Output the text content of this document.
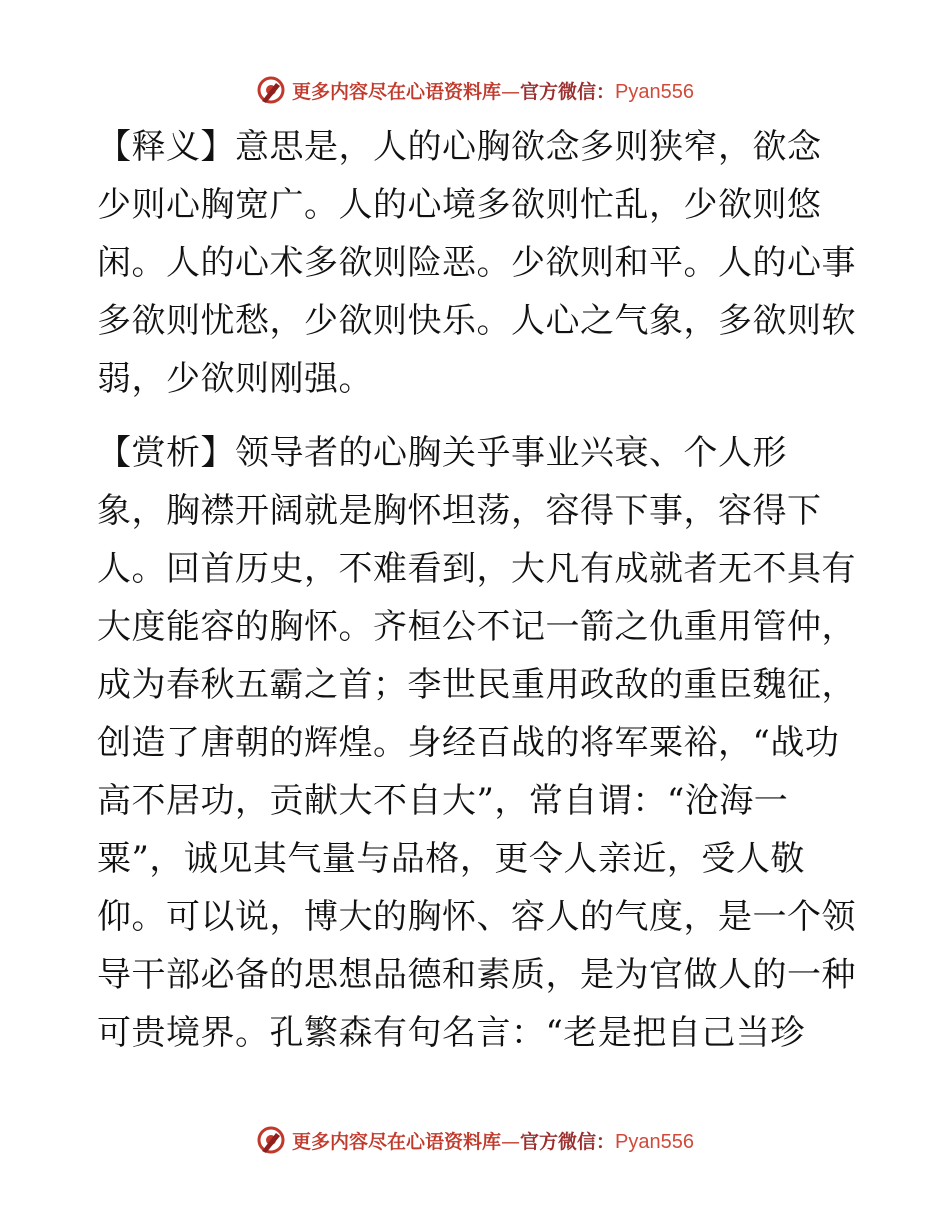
更多内容尽在心语资料库—官方微信：Pyan556
【释义】意思是，人的心胸欲念多则狭窄，欲念
少则心胸宽广。人的心境多欲则忙乱，少欲则悠
闲。人的心术多欲则险恶。少欲则和平。人的心事
多欲则忧愁，少欲则快乐。人心之气象，多欲则软
弱，少欲则刚强。
【赏析】领导者的心胸关乎事业兴衰、个人形
象，胸襟开阔就是胸怀坦荡，容得下事，容得下
人。回首历史，不难看到，大凡有成就者无不具有
大度能容的胸怀。齐桓公不记一箭之仇重用管仲，
成为春秋五霸之首；李世民重用政敌的重臣魏征，
创造了唐朝的辉煌。身经百战的将军粟裕，“战功
高不居功，贡献大不自大”，常自谓：“沧海一
粟”，诚见其气量与品格，更令人亲近，受人敬
仰。可以说，博大的胸怀、容人的气度，是一个领
导干部必备的思想品德和素质，是为官做人的一种
可贵境界。孔繁森有句名言：“老是把自己当珍
更多内容尽在心语资料库—官方微信：Pyan556
